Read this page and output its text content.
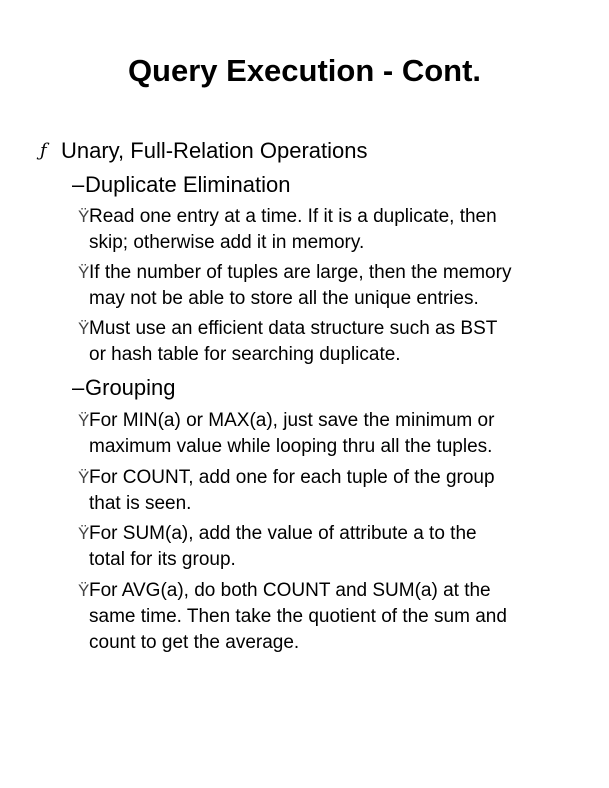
Query Execution - Cont.
ƒ Unary, Full-Relation Operations
– Duplicate Elimination
Ÿ Read one entry at a time. If it is a duplicate, then
skip; otherwise add it in memory.
Ÿ If the number of tuples are large, then the memory
may not be able to store all the unique entries.
Ÿ Must use an efficient data structure such as BST
or hash table for searching duplicate.
– Grouping
Ÿ For MIN(a) or MAX(a), just save the minimum or
maximum value while looping thru all the tuples.
Ÿ For COUNT, add one for each tuple of the group
that is seen.
Ÿ For SUM(a), add the value of attribute a to the
total for its group.
Ÿ For AVG(a), do both COUNT and SUM(a) at the
same time. Then take the quotient of the sum and
count to get the average.
